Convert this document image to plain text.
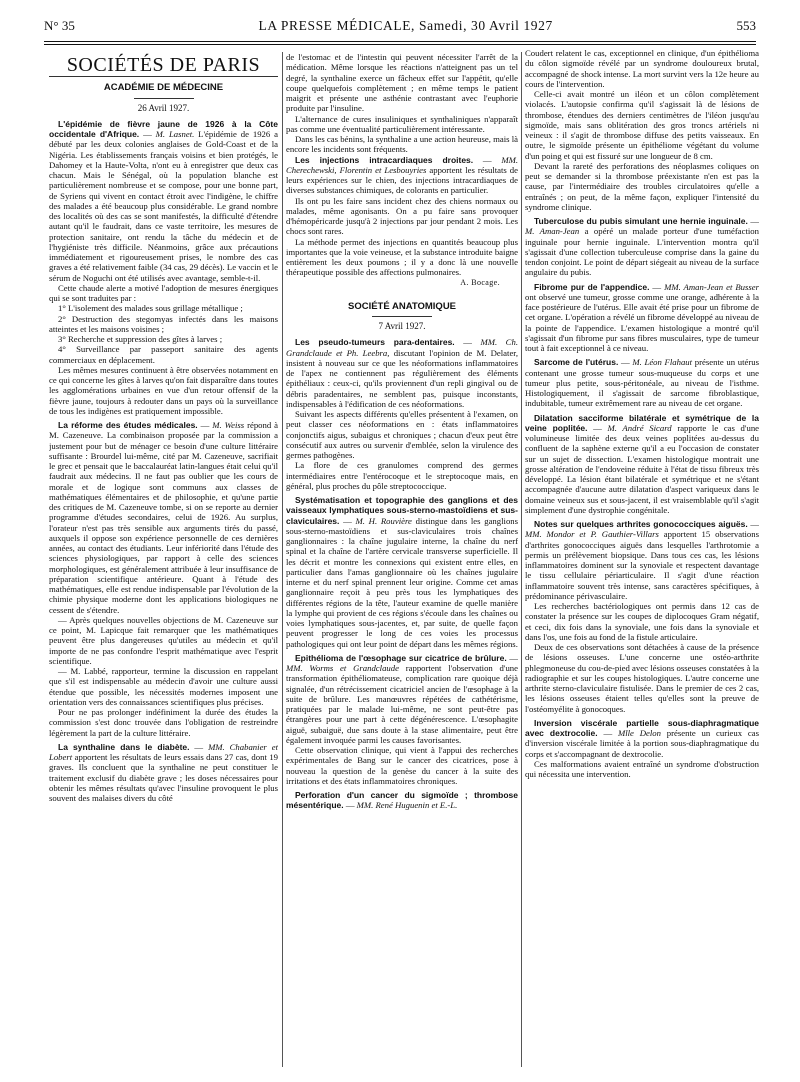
N° 35	LA PRESSE MÉDICALE, Samedi, 30 Avril 1927	553
SOCIÉTÉS DE PARIS
ACADÉMIE DE MÉDECINE
26 Avril 1927.

L'épidémie de fièvre jaune de 1926 à la Côte occidentale d'Afrique. — M. Lasnet. L'épidémie de 1926 a débuté par les deux colonies anglaises de Gold-Coast et de la Nigéria. Les établissements français voisins et bien protégés, le Dahomey et la Haute-Volta, n'ont eu à enregistrer que deux cas chacun. Mais le Sénégal, où la population blanche est particulièrement nombreuse et se compose, pour une bonne part, de Syriens qui vivent en contact étroit avec l'indigène, le chiffre des malades a été beaucoup plus considérable. Le grand nombre des localités où des cas se sont manifestés, la difficulté d'étendre autant qu'il le faudrait, dans ce vaste territoire, les mesures de protection sanitaire, ont rendu la tâche du médecin et de l'hygiéniste très difficile. Néanmoins, grâce aux précautions immédiatement et rigoureusement prises, le nombre des cas graves a été relativement faible (34 cas, 29 décès). Le vaccin et le sérum de Noguchi ont été utilisés avec avantage, semble-t-il.

Cette chaude alerte a motivé l'adoption de mesures énergiques qui se sont traduites par :

1° L'isolement des malades sous grillage métallique ;

2° Destruction des stegomyas infectés dans les maisons atteintes et les maisons voisines ;

3° Recherche et suppression des gîtes à larves ;

4° Surveillance par passeport sanitaire des agents commerciaux en déplacement.

Les mêmes mesures continuent à être observées notamment en ce qui concerne les gîtes à larves qu'on fait disparaître dans toutes les agglomérations urbaines en vue d'un retour offensif de la fièvre jaune, toujours à redouter dans un pays où la surveillance de tous les indigènes est pratiquement impossible.

La réforme des études médicales. — M. Weiss répond à M. Cazeneuve. La combinaison proposée par la commission a justement pour but de ménager ce besoin d'une culture littéraire suffisante : Brourdel lui-même, cité par M. Cazeneuve, sacrifiait le grec et pensait que le baccalauréat latin-langues était celui qu'il faudrait aux médecins. Il ne faut pas oublier que les cours de morale et de logique sont communs aux classes de mathématiques élémentaires et de philosophie, et qu'une partie des critiques de M. Cazeneuve tombe, si on se reporte au dernier programme d'études secondaires, celui de 1926. Au surplus, l'orateur n'est pas très sensible aux arguments tirés du passé, auxquels il oppose son expérience personnelle de ces dernières années, au contact des étudiants. Leur infériorité dans l'étude des sciences physiologiques, par rapport à celle des sciences morphologiques, est généralement attribuée à leur insuffisance de préparation scientifique antérieure. Quant à l'étude des mathématiques, elle est rendue indispensable par l'évolution de la chimie physique moderne dont les applications biologiques ne cessent de s'étendre.

— Après quelques nouvelles objections de M. Cazeneuve sur ce point, M. Lapicque fait remarquer que les mathématiques peuvent être plus dangereuses qu'utiles au médecin et qu'il importe de ne pas confondre l'esprit mathématique avec l'esprit scientifique.

— M. Labbé, rapporteur, termine la discussion en rappelant que s'il est indispensable au médecin d'avoir une culture aussi étendue que possible, les nécessités modernes imposent une orientation vers des connaissances scientifiques plus précises.

Pour ne pas prolonger indéfiniment la durée des études la commission s'est donc trouvée dans l'obligation de restreindre légèrement la part de la culture littéraire.

La synthaline dans le diabète. — MM. Chabanier et Lobert apportent les résultats de leurs essais dans 27 cas, dont 19 graves. Ils concluent que la synthaline ne peut constituer le traitement exclusif du diabète grave ; les doses nécessaires pour obtenir les mêmes résultats qu'avec l'insuline provoquent le plus souvent des malaises divers du côté

de l'estomac et de l'intestin qui peuvent nécessiter l'arrêt de la médication. Même lorsque les réactions n'atteignent pas un tel degré, la synthaline exerce un fâcheux effet sur l'appétit, qu'elle coupe quelquefois complètement ; en même temps le patient maigrit et présente une asthénie contrastant avec l'euphorie produite par l'insuline.

L'alternance de cures insuliniques et synthaliniques n'apparaît pas comme une éventualité particulièrement intéressante.

Dans les cas bénins, la synthaline a une action heureuse, mais là encore les incidents sont fréquents.

Les injections intracardiaques droites. — MM. Cherechewski, Florentin et Lesbouyries apportent les résultats de leurs expériences sur le chien, des injections intracardiaques de diverses substances chimiques, de colorants en particulier.

Ils ont pu les faire sans incident chez des chiens normaux ou malades, même agonisants. On a pu faire sans provoquer d'hémopéricarde jusqu'à 2 injections par jour pendant 2 mois. Les chocs sont rares.

La méthode permet des injections en quantités beaucoup plus importantes que la voie veineuse, et la substance introduite baigne entièrement les deux poumons ; il y a donc là une nouvelle thérapeutique possible des affections pulmonaires.

A. Bocage.
SOCIÉTÉ ANATOMIQUE
7 Avril 1927.

Les pseudo-tumeurs para-dentaires. — MM. Ch. Grandclaude et Ph. Leebra, discutant l'opinion de M. Delater, insistent à nouveau sur ce que les néoformations inflammatoires de l'apex ne contiennent pas régulièrement des éléments épithéliaux : ceux-ci, qu'ils proviennent d'un repli gingival ou de débris paradentaires, ne semblent pas, puisque inconstants, indispensables à l'édification de ces néoformations.

Suivant les aspects différents qu'elles présentent à l'examen, on peut classer ces néoformations en : états inflammatoires conjonctifs aigus, subaigus et chroniques ; chacun d'eux peut être consécutif aux autres ou survenir d'emblée, selon la virulence des germes pathogènes.

La flore de ces granulomes comprend des germes intermédiaires entre l'entérocoque et le streptocoque mais, en général, plus proches du pôle streptococcique.

Systématisation et topographie des ganglions et des vaisseaux lymphatiques sous-sterno-mastoïdiens et sus-claviculaires. — M. H. Rouvière distingue dans les ganglions sous-sterno-mastoïdiens et sus-claviculaires trois chaînes ganglionnaires : la chaîne jugulaire interne, la chaîne du nerf spinal et la chaîne de l'artère cervicale transverse superficielle. Il les décrit et montre les connexions qui existent entre elles, en particulier dans l'amas ganglionnaire où les chaînes jugulaire interne et du nerf spinal prennent leur origine. Comme cet amas ganglionnaire reçoit à peu près tous les lymphatiques des différentes régions de la tête, l'auteur examine de quelle manière la lymphe qui provient de ces régions s'écoule dans les chaînes ou voies lymphatiques sous-jacentes, et, par suite, de quelle façon peuvent progresser le long de ces voies les processus pathologiques qui ont leur point de départ dans les mêmes régions.

Epithélioma de l'œsophage sur cicatrice de brûlure. — MM. Worms et Grandclaude rapportent l'observation d'une transformation épithéliomateuse, complication rare quoique déjà signalée, d'un rétrécissement cicatriciel ancien de l'œsophage à la suite de brûlure. Les manœuvres répétées de cathétérisme, pratiquées par le malade lui-même, ne sont peut-être pas étrangères pour une part à cette dégénérescence. L'œsophagite aiguë, subaiguë, due sans doute à la stase alimentaire, peut être également invoquée parmi les causes favorisantes.

Cette observation clinique, qui vient à l'appui des recherches expérimentales de Bang sur le cancer des cicatrices, pose à nouveau la question de la genèse du cancer à la suite des irritations et des états inflammatoires chroniques.

Perforation d'un cancer du sigmoïde ; thrombose mésentérique. — MM. René Huguenin et E.-L.

Coudert relatent le cas, exceptionnel en clinique, d'un épithélioma du côlon sigmoïde révélé par un syndrome douloureux brutal, accompagné de shock intense. La mort survint vers la 12e heure au cours de l'intervention.

Celle-ci avait montré un iléon et un côlon complètement violacés. L'autopsie confirma qu'il s'agissait là de lésions de thrombose, étendues des derniers centimètres de l'iléon jusqu'au sigmoïde, mais sans oblitération des gros troncs artériels ni veineux : il s'agit de thrombose diffuse des petits vaisseaux. En outre, le sigmoïde présente un épithéliome végétant du volume d'un poing et qui est fissuré sur une longueur de 8 cm.

Devant la rareté des perforations des néoplasmes coliques on peut se demander si la thrombose préexistante n'en est pas la cause, par l'intermédiaire des troubles circulatoires qu'elle a entraînés ; on peut, de la même façon, expliquer l'intensité du syndrome clinique.

Tuberculose du pubis simulant une hernie inguinale. — M. Aman-Jean a opéré un malade porteur d'une tuméfaction inguinale pour hernie inguinale. L'intervention montra qu'il s'agissait d'une collection tuberculeuse comprise dans la gaine du tendon conjoint. Le point de départ siégeait au niveau de la surface angulaire du pubis.

Fibrome pur de l'appendice. — MM. Aman-Jean et Busser ont observé une tumeur, grosse comme une orange, adhérente à la face postérieure de l'utérus. Elle avait été prise pour un fibrome de cet organe. L'opération a révélé un fibrome développé au niveau de la pointe de l'appendice. L'examen histologique a montré qu'il s'agissait d'un fibrome pur sans fibres musculaires, type de tumeur tout à fait exceptionnel à ce niveau.

Sarcome de l'utérus. — M. Léon Flahaut présente un utérus contenant une grosse tumeur sous-muqueuse du corps et une tumeur plus petite, sous-péritonéale, au niveau de l'isthme. Histologiquement, il s'agissait de sarcome fibroblastique, indubitable, tumeur extrêmement rare au niveau de cet organe.

Dilatation sacciforme bilatérale et symétrique de la veine poplitée. — M. André Sicard rapporte le cas d'une volumineuse limitée des deux veines poplitées au-dessus du confluent de la saphène externe qu'il a eu l'occasion de constater sur un sujet de dissection. L'examen histologique montrait une grosse altération de l'endoveine réduite à l'état de tissu fibreux très développé. La lésion étant bilatérale et symétrique et ne s'étant accompagnée d'aucune autre dilatation d'aspect variqueux dans le domaine veineux sus et sous-jacent, il est vraisemblable qu'il s'agit simplement d'une dystrophie congénitale.

Notes sur quelques arthrites gonococciques aiguës. — MM. Mondor et P. Gauthier-Villars apportent 15 observations d'arthrites gonococciques aiguës dans lesquelles l'arthrotomie a permis un prélèvement biopsique. Dans tous ces cas, les lésions inflammatoires dominent sur la synoviale et respectent davantage le tissu cellulaire périarticulaire. Il s'agit d'une réaction inflammatoire souvent très intense, sans caractères spécifiques, à prédominance périvasculaire.

Les recherches bactériologiques ont permis dans 12 cas de constater la présence sur les coupes de diplocoques Gram négatif, et ceci, dix fois dans la synoviale, une fois dans la synoviale et dans l'os, une fois au fond de la fistule articulaire.

Deux de ces observations sont détachées à cause de la présence de lésions osseuses. L'une concerne une ostéo-arthrite phlegmoneuse du cou-de-pied avec lésions osseuses constatées à la radiographie et sur les coupes histologiques. L'autre concerne une arthrite sterno-claviculaire fistulisée. Dans le premier de ces 2 cas, les lésions osseuses étaient telles qu'elles sont la preuve de l'ostéomyélite à gonocoques.

Inversion viscérale partielle sous-diaphragmatique avec dextrocolie. — Mlle Delon présente un curieux cas d'inversion viscérale limitée à la portion sous-diaphragmatique du corps et s'accompagnant de dextrocolie.

Ces malformations avaient entraîné un syndrome d'obstruction qui nécessita une intervention.
